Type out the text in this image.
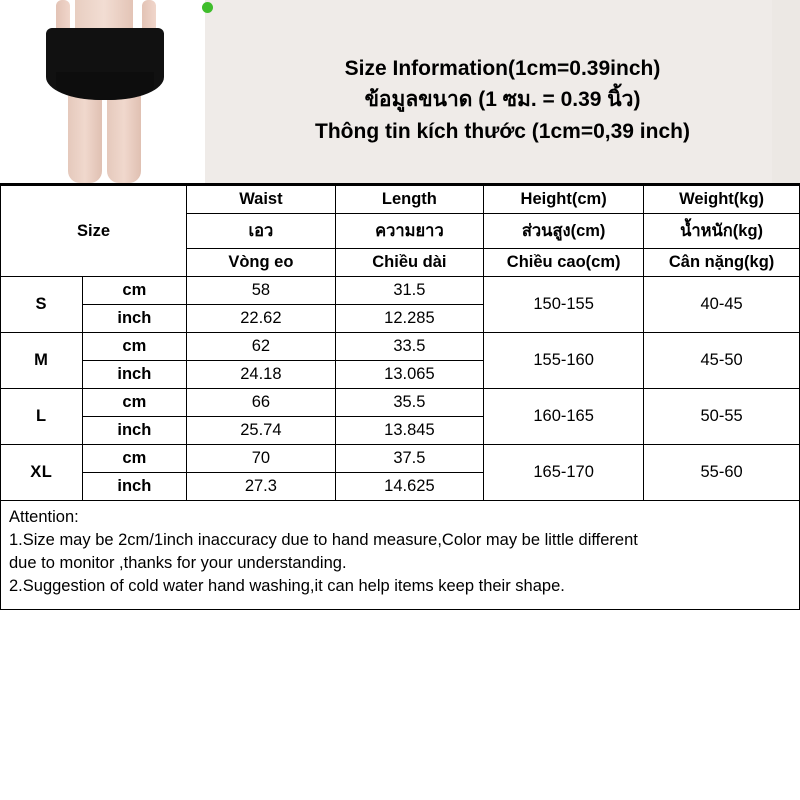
Size Information(1cm=0.39inch)
ข้อมูลขนาด (1 ซม. = 0.39 นิ้ว)
Thông tin kích thước (1cm=0,39 inch)
Size		Waist	Length	Height(cm)	Weight(kg)
		เอว	ความยาว	ส่วนสูง(cm)	น้ำหนัก(kg)
		Vòng eo	Chiều dài	Chiều cao(cm)	Cân nặng(kg)
S	cm	58	31.5	150-155	40-45
	inch	22.62	12.285		
M	cm	62	33.5	155-160	45-50
	inch	24.18	13.065		
L	cm	66	35.5	160-165	50-55
	inch	25.74	13.845		
XL	cm	70	37.5	165-170	55-60
	inch	27.3	14.625		

Attention:

1.Size may be 2cm/1inch inaccuracy due to hand measure,Color may be little different

due to monitor ,thanks for your understanding.

2.Suggestion of cold water hand washing,it can help items keep their shape.
